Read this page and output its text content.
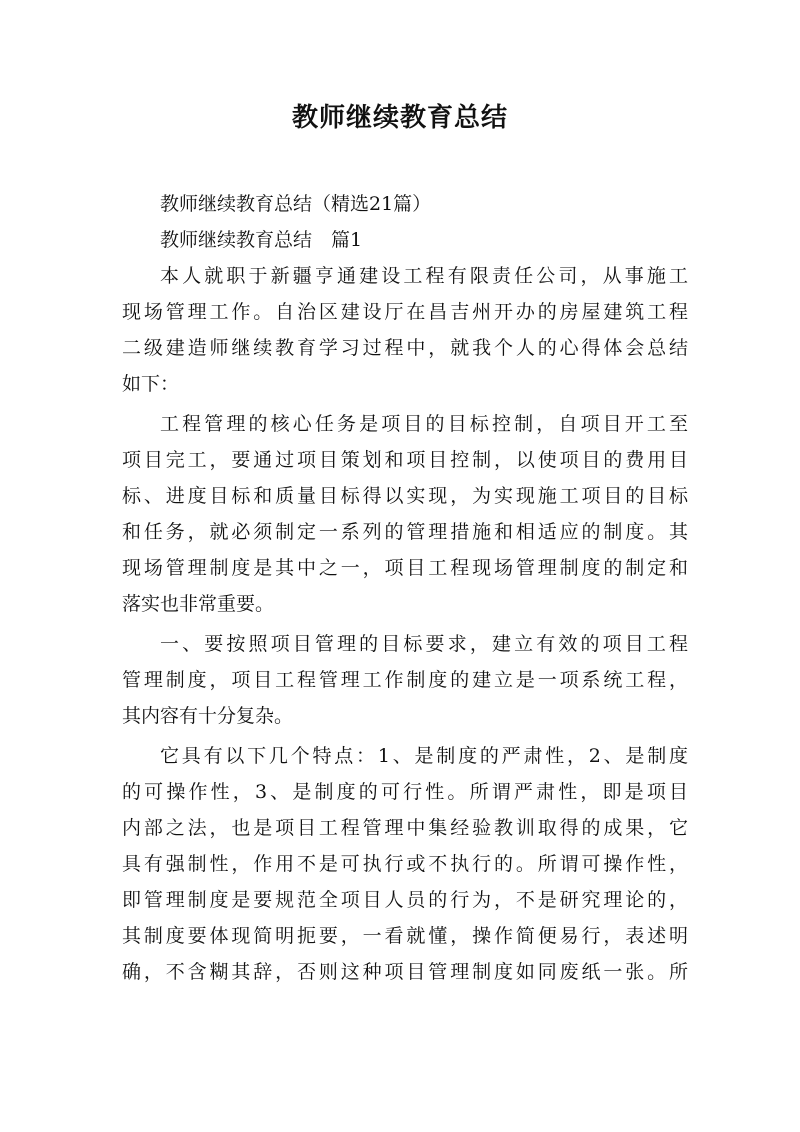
教师继续教育总结
教师继续教育总结（精选21篇）
教师继续教育总结　篇1
本人就职于新疆亨通建设工程有限责任公司，从事施工
现场管理工作。自治区建设厅在昌吉州开办的房屋建筑工程
二级建造师继续教育学习过程中，就我个人的心得体会总结
如下：
工程管理的核心任务是项目的目标控制，自项目开工至
项目完工，要通过项目策划和项目控制，以使项目的费用目
标、进度目标和质量目标得以实现，为实现施工项目的目标
和任务，就必须制定一系列的管理措施和相适应的制度。其
现场管理制度是其中之一，项目工程现场管理制度的制定和
落实也非常重要。
一、要按照项目管理的目标要求，建立有效的项目工程
管理制度，项目工程管理工作制度的建立是一项系统工程，
其内容有十分复杂。
它具有以下几个特点：1、是制度的严肃性，2、是制度
的可操作性，3、是制度的可行性。所谓严肃性，即是项目
内部之法，也是项目工程管理中集经验教训取得的成果，它
具有强制性，作用不是可执行或不执行的。所谓可操作性，
即管理制度是要规范全项目人员的行为，不是研究理论的，
其制度要体现简明扼要，一看就懂，操作简便易行，表述明
确，不含糊其辞，否则这种项目管理制度如同废纸一张。所
